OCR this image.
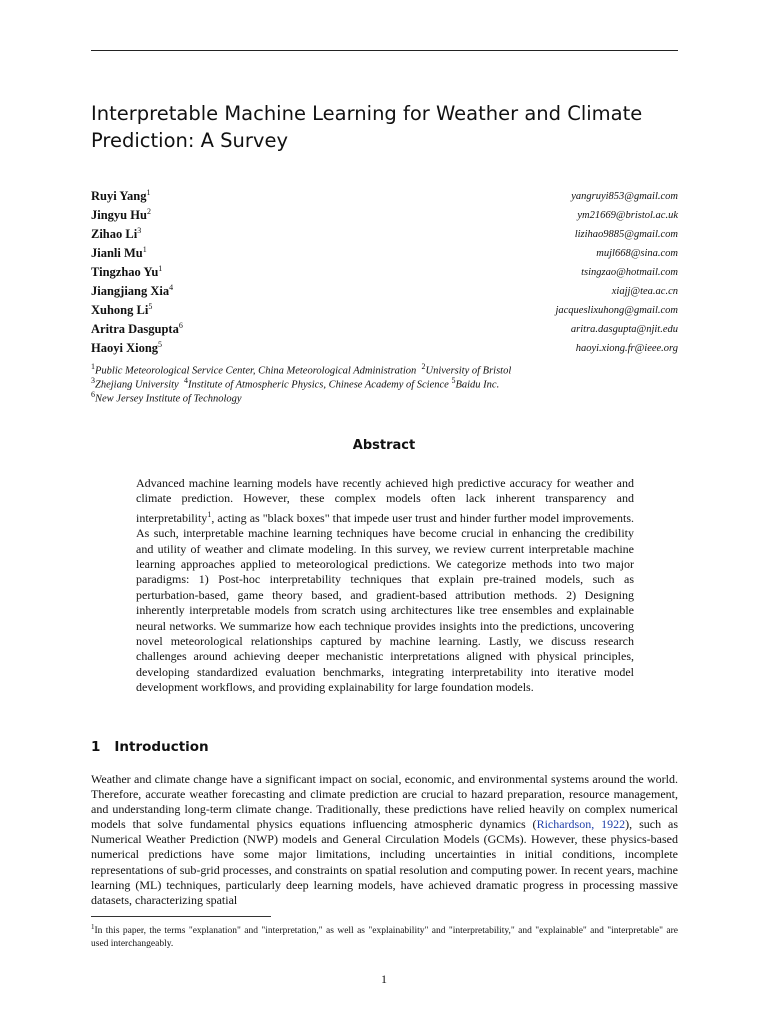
Interpretable Machine Learning for Weather and Climate Prediction: A Survey
Ruyi Yang$^1$	yangruyi853@gmail.com
Jingyu Hu$^2$	ym21669@bristol.ac.uk
Zihao Li$^3$	lizihao9885@gmail.com
Jianli Mu$^1$	mujl668@sina.com
Tingzhao Yu$^1$	tsingzao@hotmail.com
Jiangjiang Xia$^4$	xiajj@tea.ac.cn
Xuhong Li$^5$	jacqueslixuhong@gmail.com
Aritra Dasgupta$^6$	aritra.dasgupta@njit.edu
Haoyi Xiong$^5$	haoyi.xiong.fr@ieee.org
$^1$Public Meteorological Service Center, China Meteorological Administration $^2$University of Bristol
$^3$Zhejiang University $^4$Institute of Atmospheric Physics, Chinese Academy of Science $^5$Baidu Inc.
$^6$New Jersey Institute of Technology
Abstract
Advanced machine learning models have recently achieved high predictive accuracy for weather and climate prediction. However, these complex models often lack inherent transparency and interpretability$^1$, acting as "black boxes" that impede user trust and hinder further model improvements. As such, interpretable machine learning techniques have become crucial in enhancing the credibility and utility of weather and climate modeling. In this survey, we review current interpretable machine learning approaches applied to meteorological predictions. We categorize methods into two major paradigms: 1) Post-hoc interpretability techniques that explain pre-trained models, such as perturbation-based, game theory based, and gradient-based attribution methods. 2) Designing inherently interpretable models from scratch using architectures like tree ensembles and explainable neural networks. We summarize how each technique provides insights into the predictions, uncovering novel meteorological relationships captured by machine learning. Lastly, we discuss research challenges around achieving deeper mechanistic interpretations aligned with physical principles, developing standardized evaluation benchmarks, integrating interpretability into iterative model development workflows, and providing explainability for large foundation models.
1 Introduction
Weather and climate change have a significant impact on social, economic, and environmental systems around the world. Therefore, accurate weather forecasting and climate prediction are crucial to hazard preparation, resource management, and understanding long-term climate change. Traditionally, these predictions have relied heavily on complex numerical models that solve fundamental physics equations influencing atmospheric dynamics (Richardson, 1922), such as Numerical Weather Prediction (NWP) models and General Circulation Models (GCMs). However, these physics-based numerical predictions have some major limitations, including uncertainties in initial conditions, incomplete representations of sub-grid processes, and constraints on spatial resolution and computing power. In recent years, machine learning (ML) techniques, particularly deep learning models, have achieved dramatic progress in processing massive datasets, characterizing spatial
$^1$In this paper, the terms "explanation" and "interpretation," as well as "explainability" and "interpretability," and "explainable" and "interpretable" are used interchangeably.
1
